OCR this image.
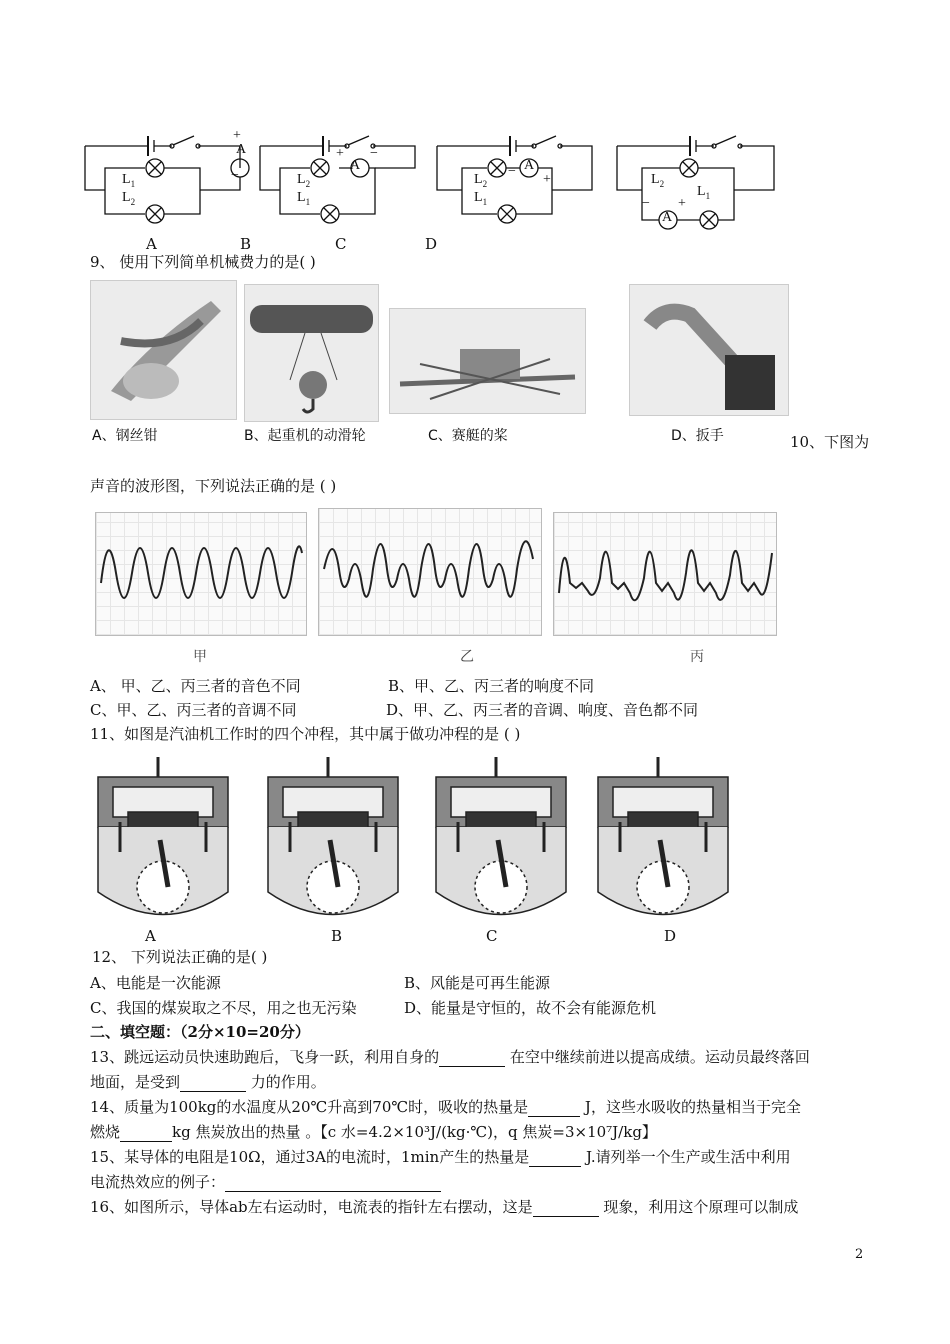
A
+
−
$L_1$
$L_2$
A
+ −
$L_2$
$L_1$
A
−
+
$L_2$
$L_1$
A
− +
$L_2$
$L_1$
A	B	C	D
9、 使用下列简单机械费力的是( )
A、钢丝钳	B、起重机的动滑轮	C、赛艇的桨	D、扳手	10、下图为
声音的波形图，下列说法正确的是 ( )
甲	乙	丙
A、 甲、乙、丙三者的音色不同	B、甲、乙、丙三者的响度不同
C、甲、乙、丙三者的音调不同	D、甲、乙、丙三者的音调、响度、音色都不同
11、如图是汽油机工作时的四个冲程，其中属于做功冲程的是 ( )
A	B	C	D
12、 下列说法正确的是( )
A、电能是一次能源	B、风能是可再生能源
C、我国的煤炭取之不尽，用之也无污染	D、能量是守恒的，故不会有能源危机
二、填空题：（2分×10=20分）
13、跳远运动员快速助跑后，飞身一跃，利用自身的	在空中继续前进以提高成绩。运动员最终落回
地面，是受到	力的作用。
14、质量为100kg的水温度从20℃升高到70℃时，吸收的热量是	J，这些水吸收的热量相当于完全
燃烧	kg 焦炭放出的热量 。【c 水=4.2×10³J/(kg·℃)，q 焦炭=3×10⁷J/kg】
15、某导体的电阻是10Ω，通过3A的电流时，1min产生的热量是	J.请列举一个生产或生活中利用
电流热效应的例子：
16、如图所示，导体ab左右运动时，电流表的指针左右摆动，这是	现象，利用这个原理可以制成
2
